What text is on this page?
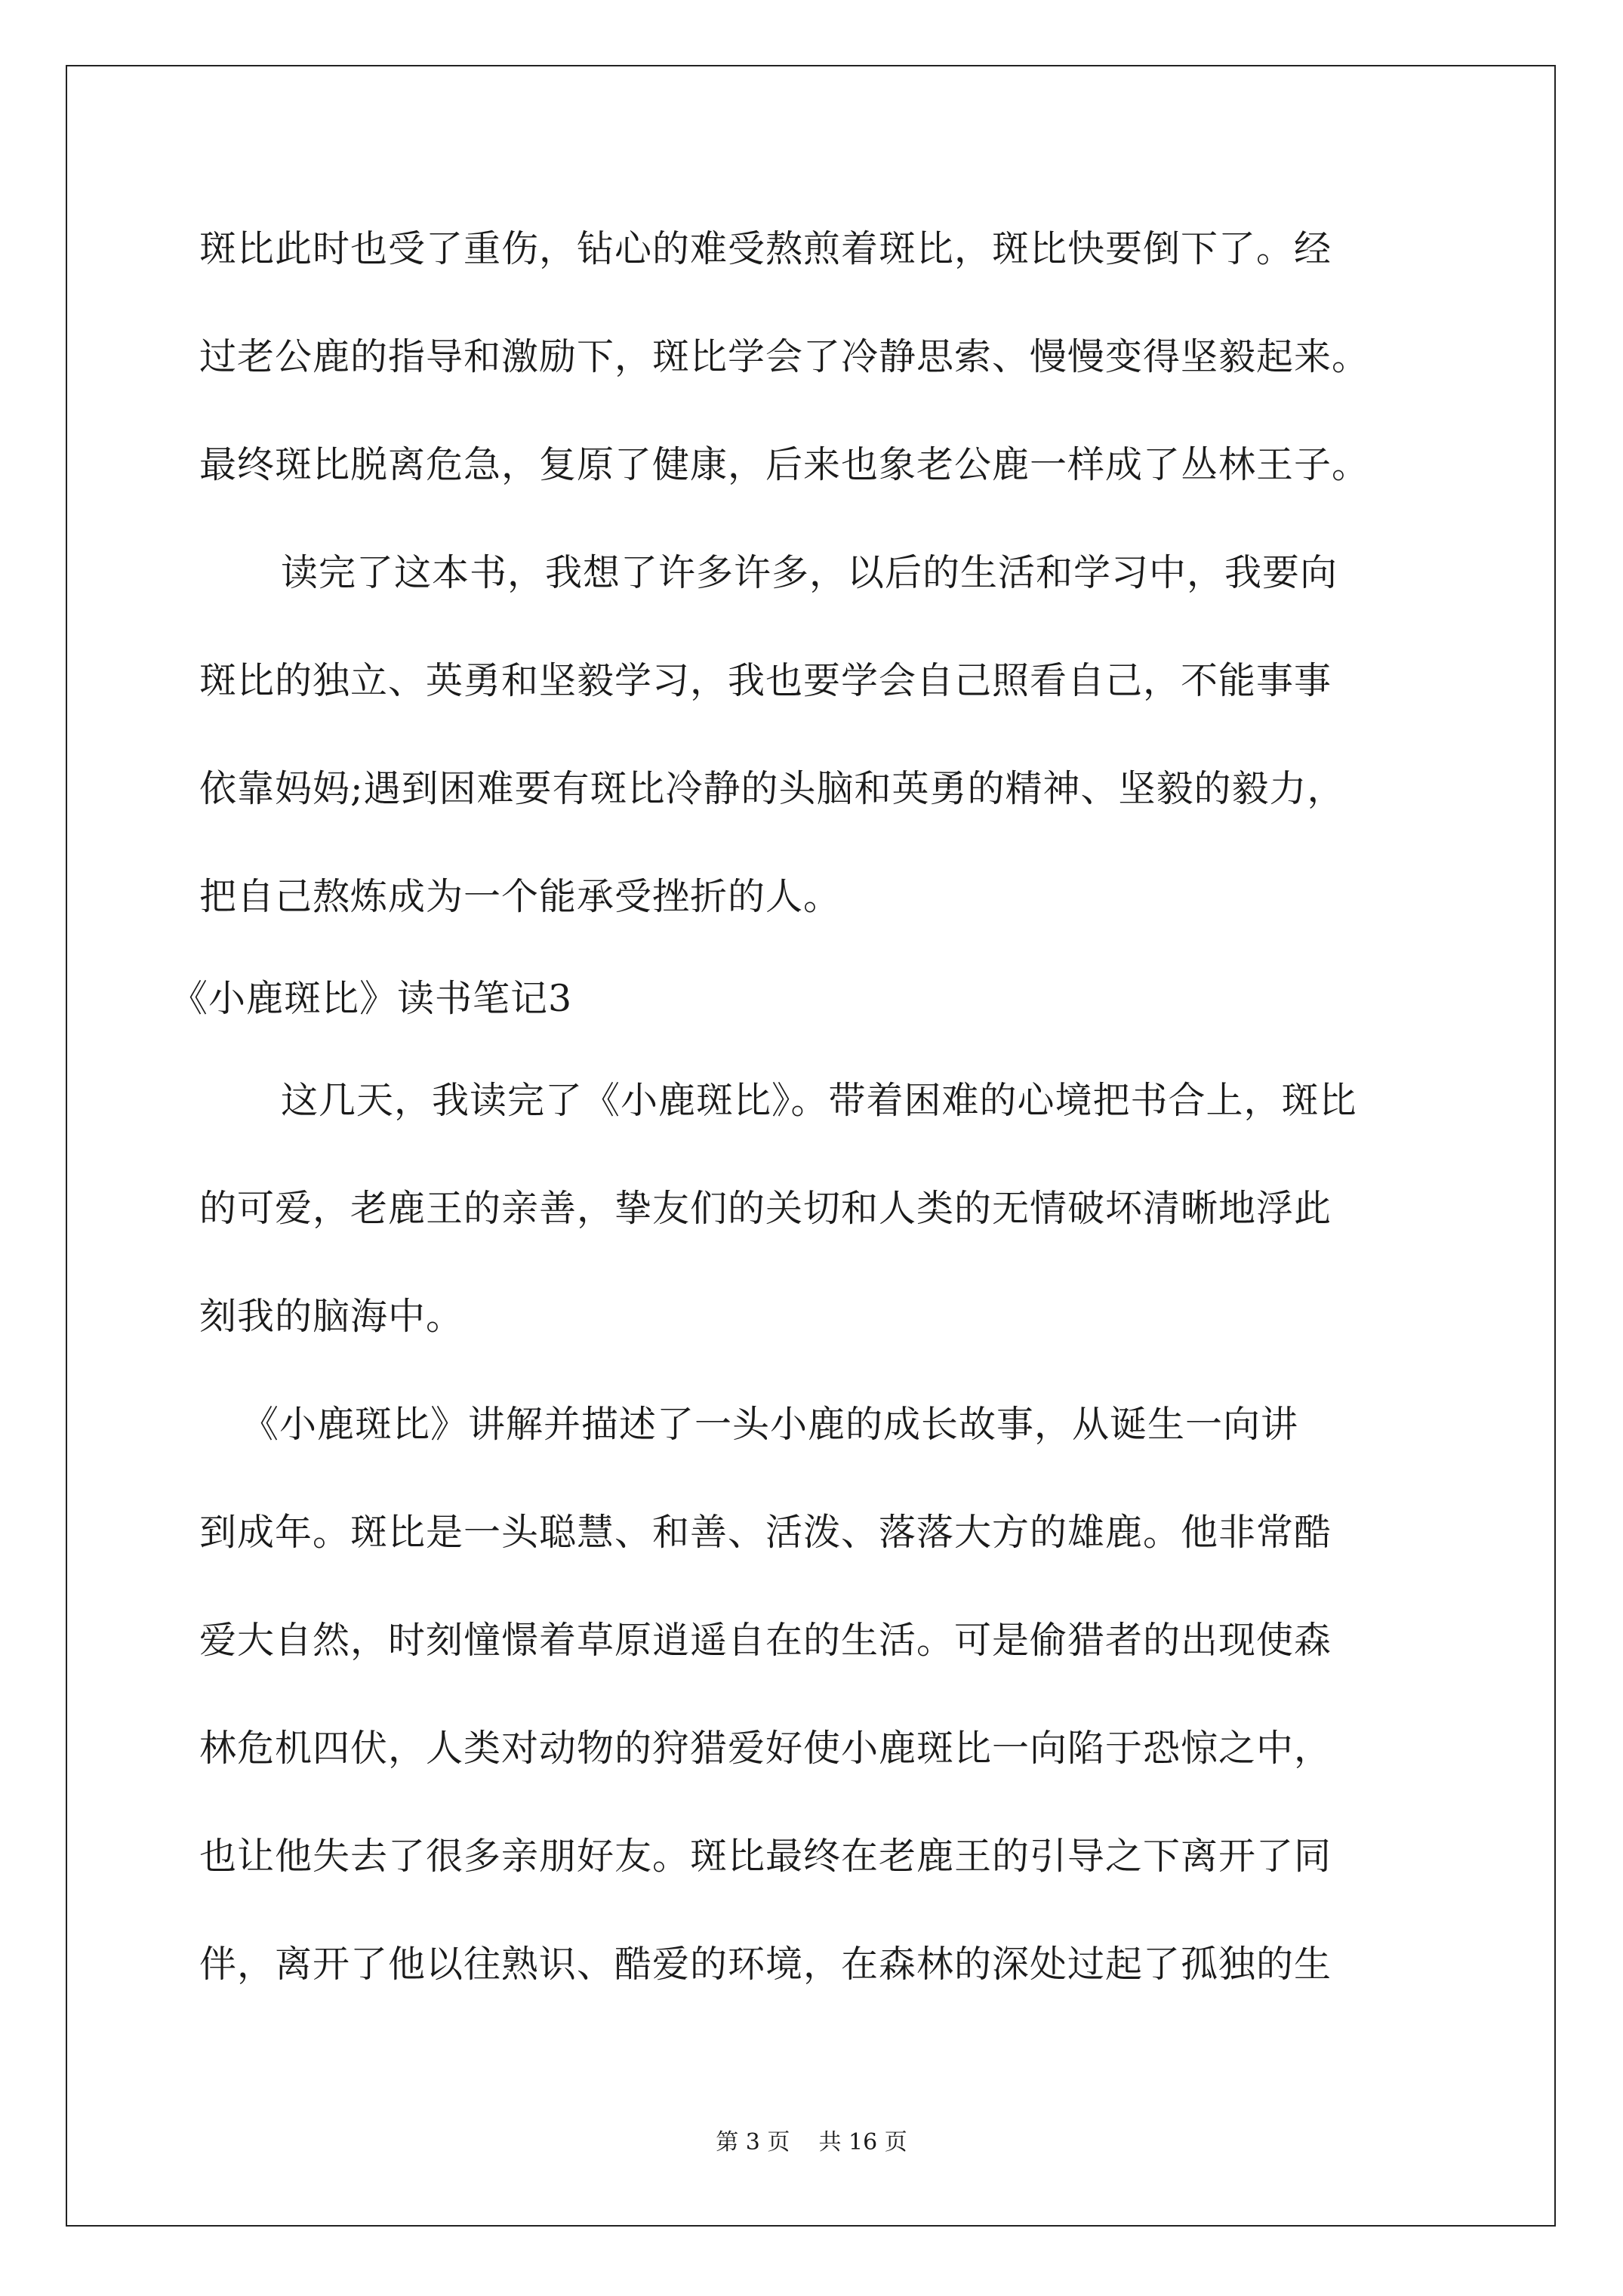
斑比此时也受了重伤，钻心的难受熬煎着斑比，斑比快要倒下了。经
过老公鹿的指导和激励下，斑比学会了冷静思索、慢慢变得坚毅起来。
最终斑比脱离危急，复原了健康，后来也象老公鹿一样成了丛林王子。
读完了这本书，我想了许多许多，以后的生活和学习中，我要向
斑比的独立、英勇和坚毅学习，我也要学会自己照看自己，不能事事
依靠妈妈;遇到困难要有斑比冷静的头脑和英勇的精神、坚毅的毅力，
把自己熬炼成为一个能承受挫折的人。
《小鹿斑比》读书笔记3
这几天，我读完了《小鹿斑比》。带着困难的心境把书合上，斑比
的可爱，老鹿王的亲善，挚友们的关切和人类的无情破坏清晰地浮此
刻我的脑海中。
《小鹿斑比》讲解并描述了一头小鹿的成长故事，从诞生一向讲
到成年。斑比是一头聪慧、和善、活泼、落落大方的雄鹿。他非常酷
爱大自然，时刻憧憬着草原逍遥自在的生活。可是偷猎者的出现使森
林危机四伏，人类对动物的狩猎爱好使小鹿斑比一向陷于恐惊之中，
也让他失去了很多亲朋好友。斑比最终在老鹿王的引导之下离开了同
伴，离开了他以往熟识、酷爱的环境，在森林的深处过起了孤独的生
第 3 页    共 16 页
